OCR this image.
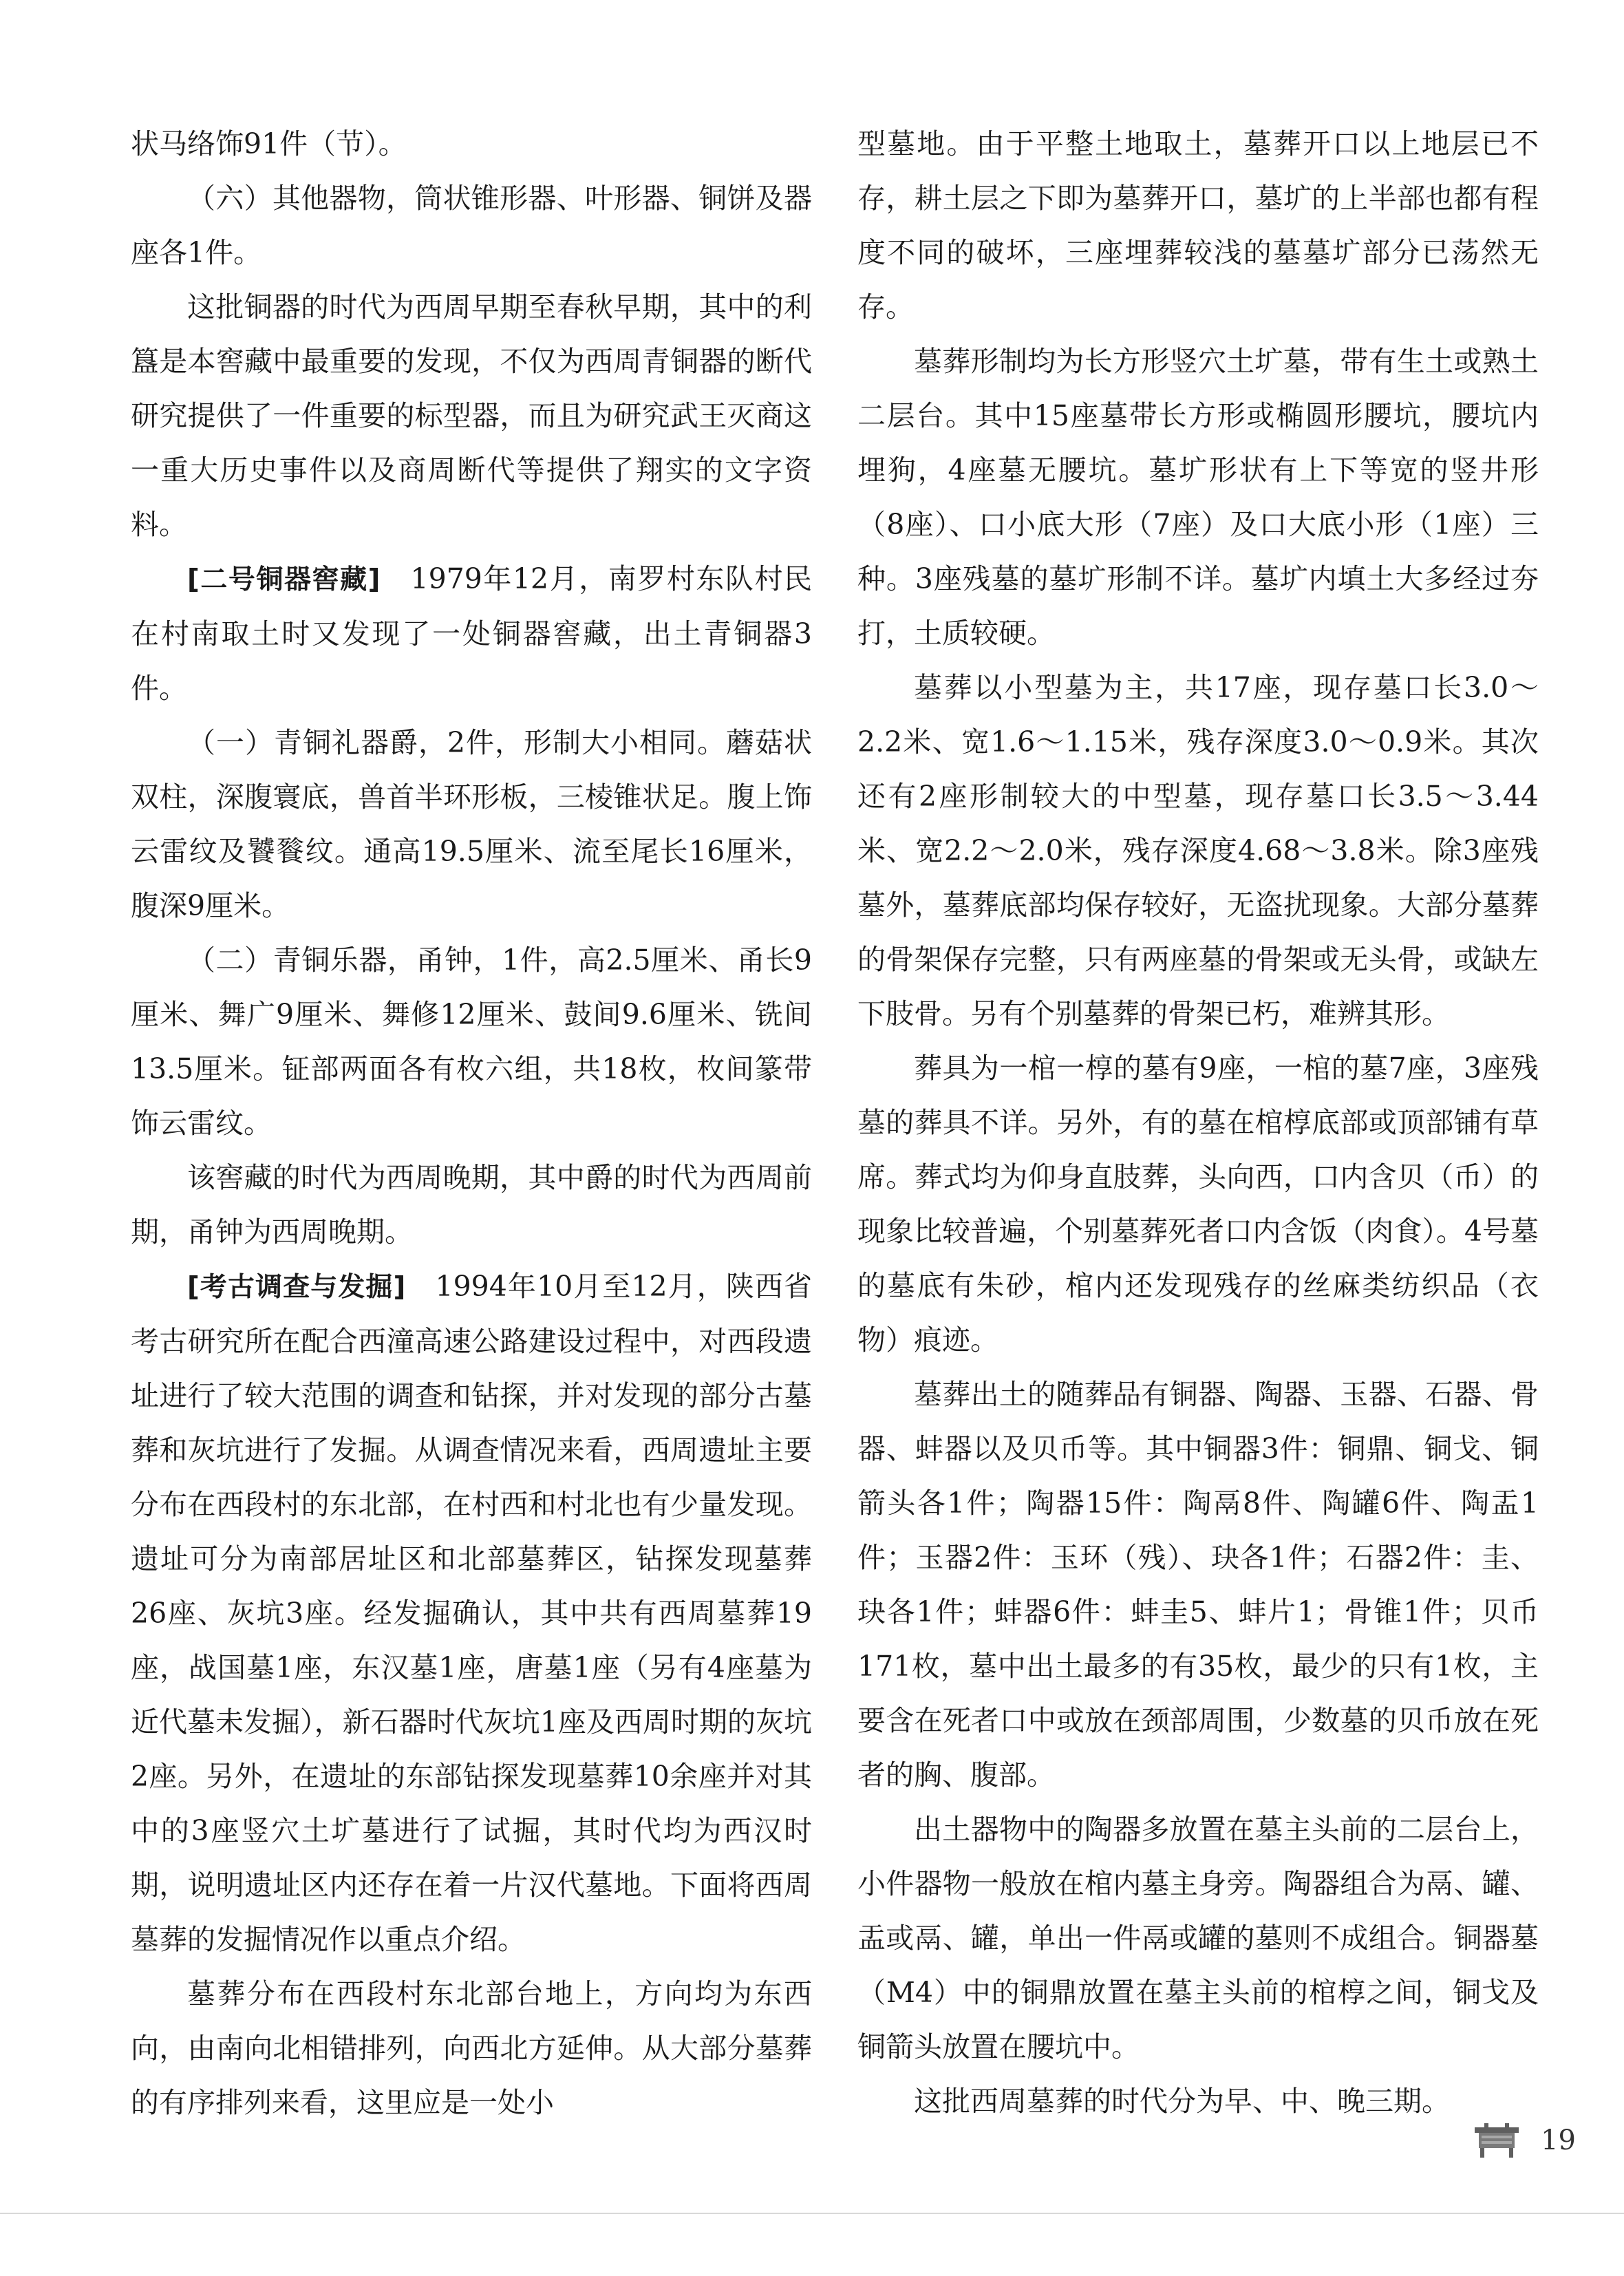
状马络饰91件（节）。

（六）其他器物，筒状锥形器、叶形器、铜饼及器座各1件。

这批铜器的时代为西周早期至春秋早期，其中的利簋是本窖藏中最重要的发现，不仅为西周青铜器的断代研究提供了一件重要的标型器，而且为研究武王灭商这一重大历史事件以及商周断代等提供了翔实的文字资料。

[二号铜器窖藏]　1979年12月，南罗村东队村民在村南取土时又发现了一处铜器窖藏，出土青铜器3件。

（一）青铜礼器爵，2件，形制大小相同。蘑菇状双柱，深腹寰底，兽首半环形板，三棱锥状足。腹上饰云雷纹及饕餮纹。通高19.5厘米、流至尾长16厘米，腹深9厘米。

（二）青铜乐器，甬钟，1件，高2.5厘米、甬长9厘米、舞广9厘米、舞修12厘米、鼓间9.6厘米、铣间13.5厘米。钲部两面各有枚六组，共18枚，枚间篆带饰云雷纹。

该窖藏的时代为西周晚期，其中爵的时代为西周前期，甬钟为西周晚期。

[考古调查与发掘]　1994年10月至12月，陕西省考古研究所在配合西潼高速公路建设过程中，对西段遗址进行了较大范围的调查和钻探，并对发现的部分古墓葬和灰坑进行了发掘。从调查情况来看，西周遗址主要分布在西段村的东北部，在村西和村北也有少量发现。遗址可分为南部居址区和北部墓葬区，钻探发现墓葬26座、灰坑3座。经发掘确认，其中共有西周墓葬19座，战国墓1座，东汉墓1座，唐墓1座（另有4座墓为近代墓未发掘），新石器时代灰坑1座及西周时期的灰坑2座。另外，在遗址的东部钻探发现墓葬10余座并对其中的3座竖穴土圹墓进行了试掘，其时代均为西汉时期，说明遗址区内还存在着一片汉代墓地。下面将西周墓葬的发掘情况作以重点介绍。

墓葬分布在西段村东北部台地上，方向均为东西向，由南向北相错排列，向西北方延伸。从大部分墓葬的有序排列来看，这里应是一处小

型墓地。由于平整土地取土，墓葬开口以上地层已不存，耕土层之下即为墓葬开口，墓圹的上半部也都有程度不同的破坏，三座埋葬较浅的墓墓圹部分已荡然无存。

墓葬形制均为长方形竖穴土圹墓，带有生土或熟土二层台。其中15座墓带长方形或椭圆形腰坑，腰坑内埋狗，4座墓无腰坑。墓圹形状有上下等宽的竖井形（8座）、口小底大形（7座）及口大底小形（1座）三种。3座残墓的墓圹形制不详。墓圹内填土大多经过夯打，土质较硬。

墓葬以小型墓为主，共17座，现存墓口长3.0～2.2米、宽1.6～1.15米，残存深度3.0～0.9米。其次还有2座形制较大的中型墓，现存墓口长3.5～3.44米、宽2.2～2.0米，残存深度4.68～3.8米。除3座残墓外，墓葬底部均保存较好，无盗扰现象。大部分墓葬的骨架保存完整，只有两座墓的骨架或无头骨，或缺左下肢骨。另有个别墓葬的骨架已朽，难辨其形。

葬具为一棺一椁的墓有9座，一棺的墓7座，3座残墓的葬具不详。另外，有的墓在棺椁底部或顶部铺有草席。葬式均为仰身直肢葬，头向西，口内含贝（币）的现象比较普遍，个别墓葬死者口内含饭（肉食）。4号墓的墓底有朱砂，棺内还发现残存的丝麻类纺织品（衣物）痕迹。

墓葬出土的随葬品有铜器、陶器、玉器、石器、骨器、蚌器以及贝币等。其中铜器3件：铜鼎、铜戈、铜箭头各1件；陶器15件：陶鬲8件、陶罐6件、陶盂1件；玉器2件：玉环（残）、玦各1件；石器2件：圭、玦各1件；蚌器6件：蚌圭5、蚌片1；骨锥1件；贝币171枚，墓中出土最多的有35枚，最少的只有1枚，主要含在死者口中或放在颈部周围，少数墓的贝币放在死者的胸、腹部。

出土器物中的陶器多放置在墓主头前的二层台上，小件器物一般放在棺内墓主身旁。陶器组合为鬲、罐、盂或鬲、罐，单出一件鬲或罐的墓则不成组合。铜器墓（M4）中的铜鼎放置在墓主头前的棺椁之间，铜戈及铜箭头放置在腰坑中。

这批西周墓葬的时代分为早、中、晚三期。

19
